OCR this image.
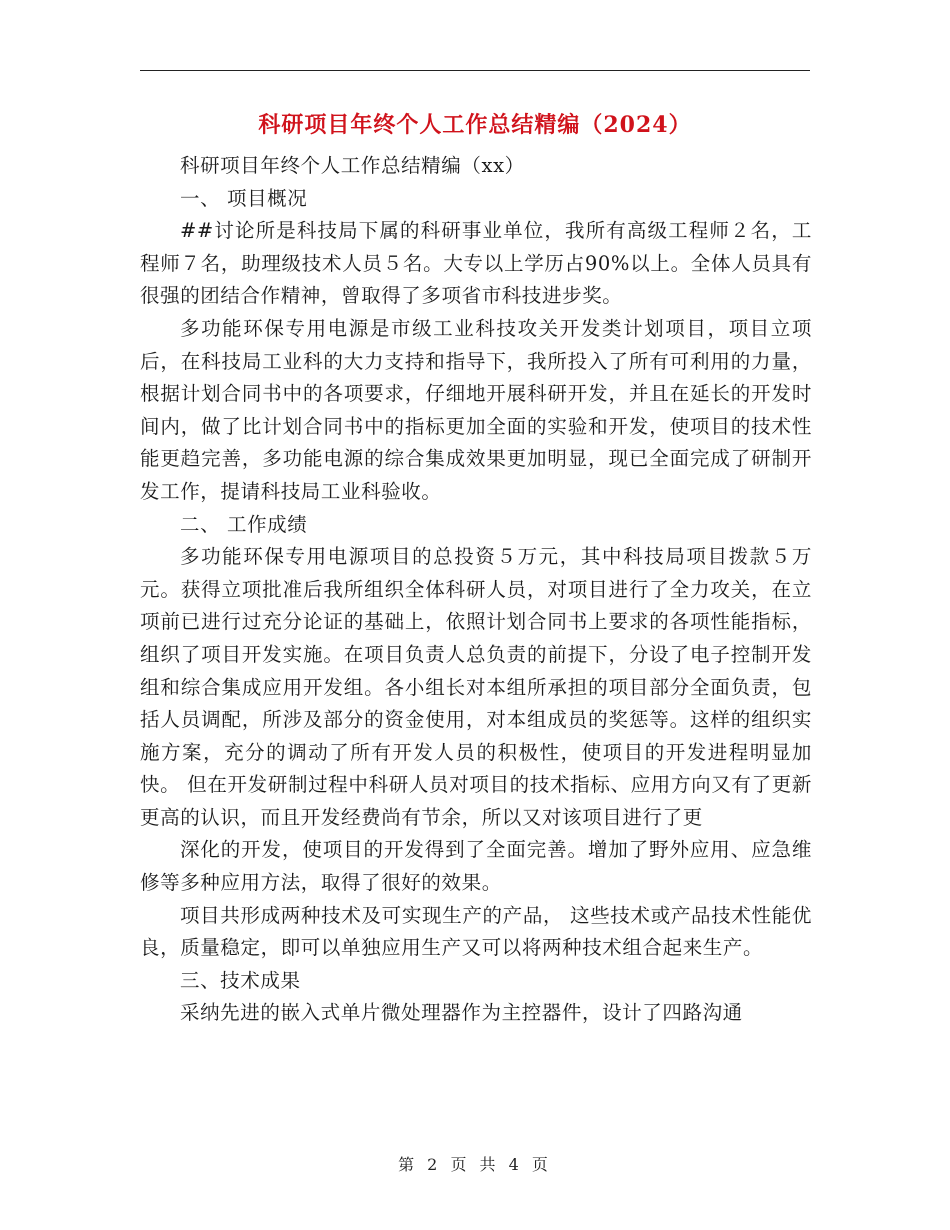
科研项目年终个人工作总结精编（2024）

科研项目年终个人工作总结精编（xx）

一、 项目概况

##讨论所是科技局下属的科研事业单位，我所有高级工程师２名，工程师７名，助理级技术人员５名。大专以上学历占90%以上。全体人员具有很强的团结合作精神，曾取得了多项省市科技进步奖。

多功能环保专用电源是市级工业科技攻关开发类计划项目，项目立项后，在科技局工业科的大力支持和指导下，我所投入了所有可利用的力量，根据计划合同书中的各项要求，仔细地开展科研开发，并且在延长的开发时间内，做了比计划合同书中的指标更加全面的实验和开发，使项目的技术性能更趋完善，多功能电源的综合集成效果更加明显，现已全面完成了研制开发工作，提请科技局工业科验收。

二、 工作成绩

多功能环保专用电源项目的总投资５万元，其中科技局项目拨款５万元。获得立项批准后我所组织全体科研人员，对项目进行了全力攻关，在立项前已进行过充分论证的基础上，依照计划合同书上要求的各项性能指标，组织了项目开发实施。在项目负责人总负责的前提下，分设了电子控制开发组和综合集成应用开发组。各小组长对本组所承担的项目部分全面负责，包括人员调配，所涉及部分的资金使用，对本组成员的奖惩等。这样的组织实施方案，充分的调动了所有开发人员的积极性，使项目的开发进程明显加快。 但在开发研制过程中科研人员对项目的技术指标、应用方向又有了更新更高的认识，而且开发经费尚有节余，所以又对该项目进行了更

深化的开发，使项目的开发得到了全面完善。增加了野外应用、应急维修等多种应用方法，取得了很好的效果。

项目共形成两种技术及可实现生产的产品， 这些技术或产品技术性能优良，质量稳定，即可以单独应用生产又可以将两种技术组合起来生产。

三、技术成果

采纳先进的嵌入式单片微处理器作为主控器件，设计了四路沟通

第 2 页 共 4 页
